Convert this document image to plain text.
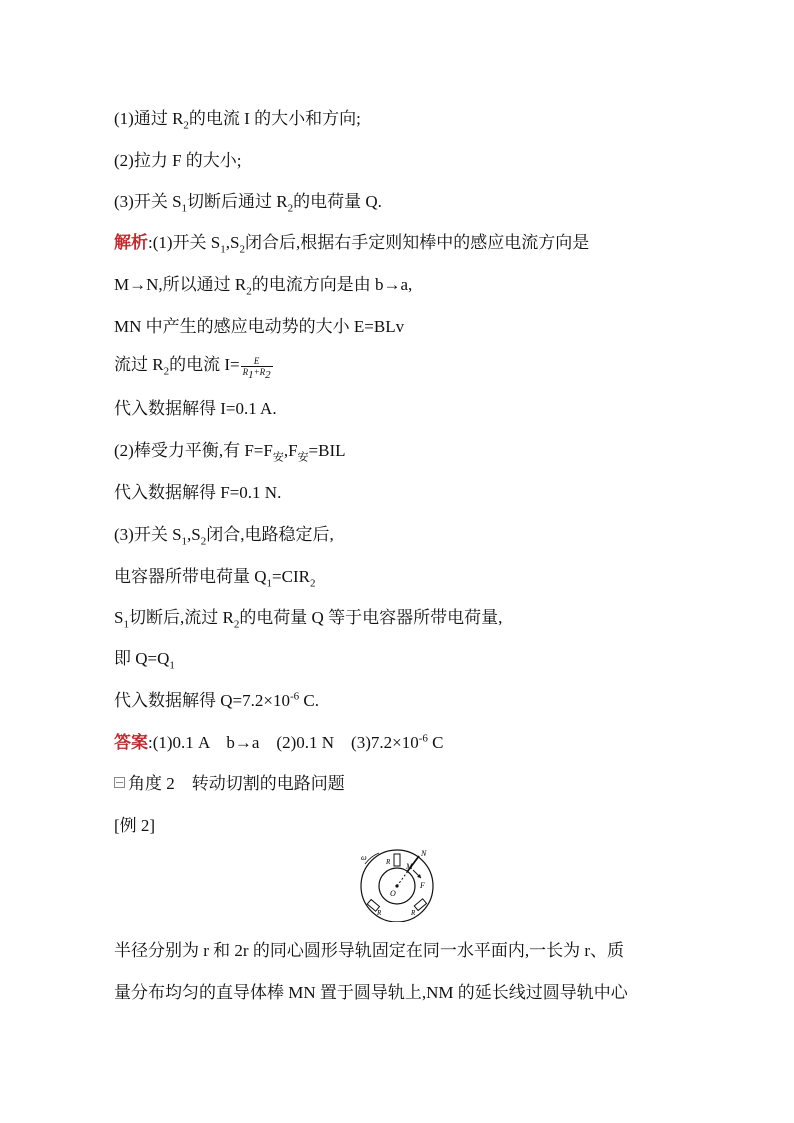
(1)通过 $R_2$的电流 I 的大小和方向;
(2)拉力 F 的大小;
(3)开关 $S_1$切断后通过 $R_2$的电荷量 Q.
解析:(1)开关 $S_1,S_2$闭合后,根据右手定则知棒中的感应电流方向是
M→N,所以通过 $R_2$的电流方向是由 b→a,
MN 中产生的感应电动势的大小 E=BLv
流过 $R_2$的电流 $I= \frac{E}{R_1+R_2}$
代入数据解得 I=0.1 A.
(2)棒受力平衡,有 $F=F_安,F_安=BIL$
代入数据解得 F=0.1 N.
(3)开关 $S_1,S_2$闭合,电路稳定后,
电容器所带电荷量 $Q_1=CIR_2$
$S_1$切断后,流过 $R_2$的电荷量 Q 等于电容器所带电荷量,
即 $Q=Q_1$
代入数据解得 $Q=7.2\times 10^{-6}$ C.
答案:(1)0.1 A　b→a　(2)0.1 N　$(3)7.2\times 10^{-6}$ C
角度 2　转动切割的电路问题
[例 2]
ω	N
M
F
O
R
R	R
半径分别为 r 和 2r 的同心圆形导轨固定在同一水平面内,一长为 r、质
量分布均匀的直导体棒 MN 置于圆导轨上,NM 的延长线过圆导轨中心
